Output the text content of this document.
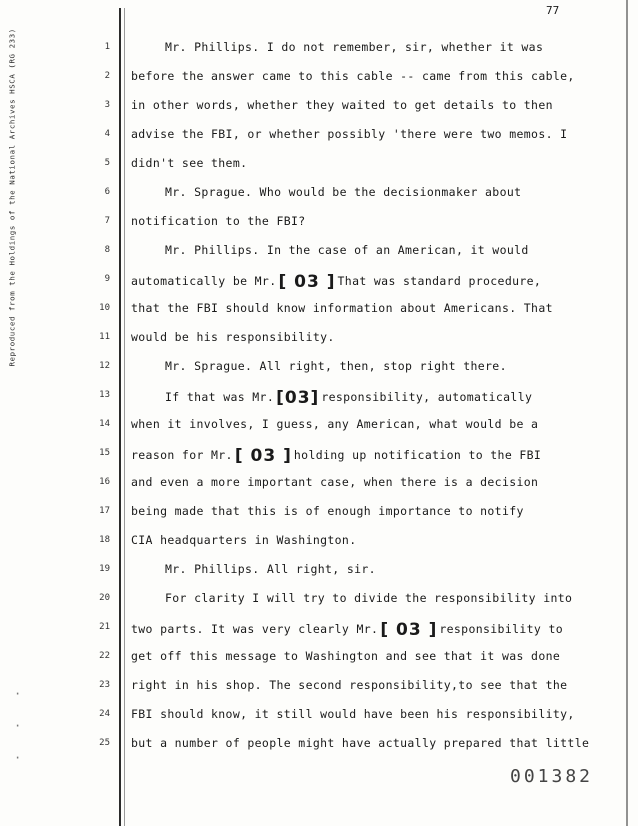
Reproduced from the Holdings of the National Archives HSCA (RG 233)
77
·
·
·
1	Mr. Phillips. I do not remember, sir, whether it was
2 before the answer came to this cable -- came from this cable,
3 in other words, whether they waited to get details to then
4 advise the FBI, or whether possibly 'there were two memos. I
5 didn't see them.
6	Mr. Sprague. Who would be the decisionmaker about
7 notification to the FBI?
8	Mr. Phillips. In the case of an American, it would
9 automatically be Mr. [ 03 ] That was standard procedure,
10 that the FBI should know information about Americans. That
11 would be his responsibility.
12	Mr. Sprague. All right, then, stop right there.
13	If that was Mr. [03] responsibility, automatically
14 when it involves, I guess, any American, what would be a
15 reason for Mr. [ 03 ] holding up notification to the FBI
16 and even a more important case, when there is a decision
17 being made that this is of enough importance to notify
18 CIA headquarters in Washington.
19	Mr. Phillips. All right, sir.
20	For clarity I will try to divide the responsibility into
21 two parts. It was very clearly Mr. [ 03 ] responsibility to
22 get off this message to Washington and see that it was done
23 right in his shop. The second responsibility,to see that the
24 FBI should know, it still would have been his responsibility,
25 but a number of people might have actually prepared that little
001382
